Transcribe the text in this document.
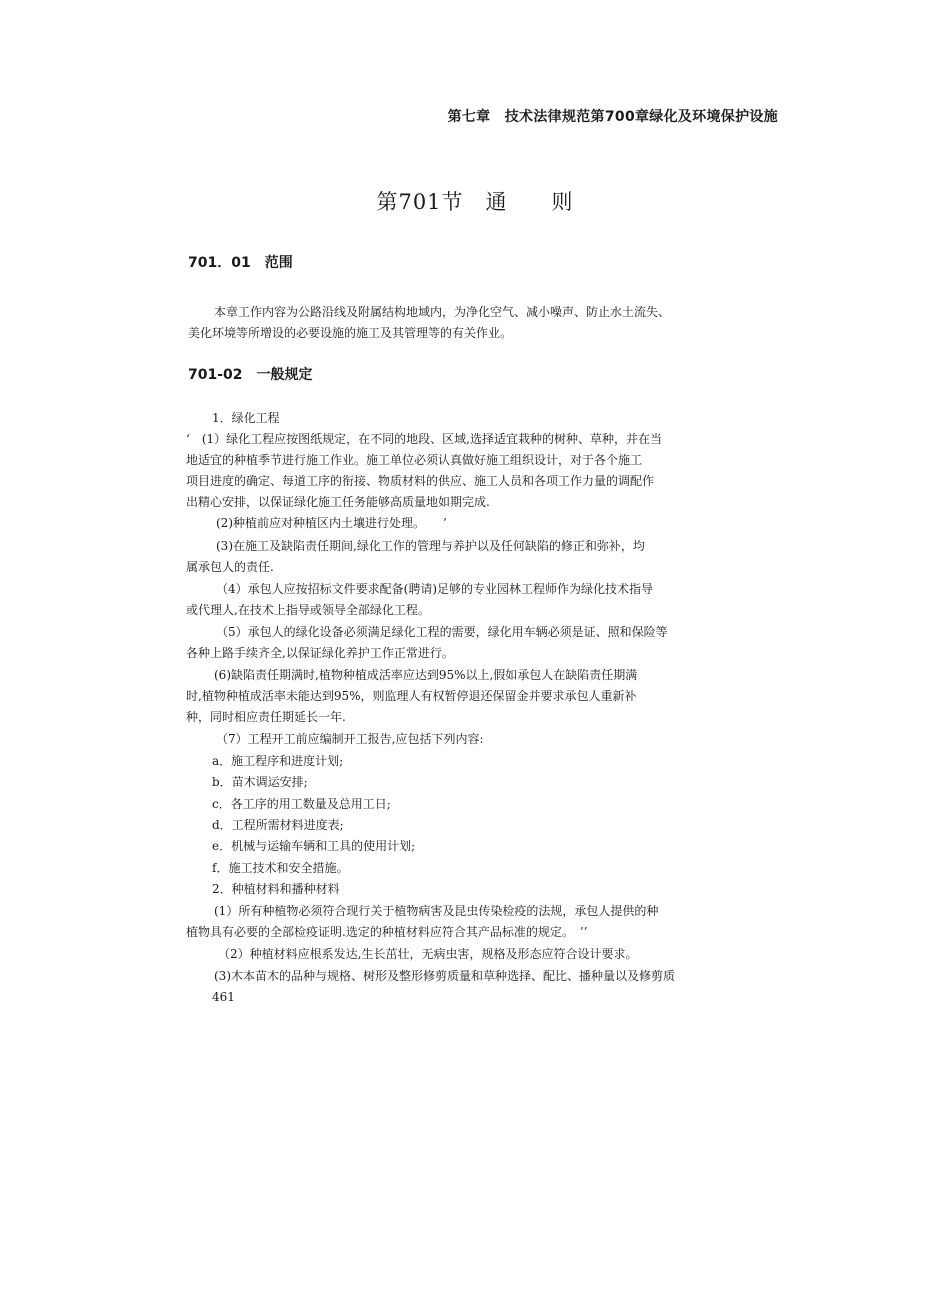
第七章　技术法律规范第700章绿化及环境保护设施
第701节　通　　则
701．01　范围
本章工作内容为公路沿线及附属结构地域内，为净化空气、减小噪声、防止水土流失、
美化环境等所增设的必要设施的施工及其管理等的有关作业。
701-02　一般规定
1．绿化工程
‘　(1）绿化工程应按图纸规定，在不同的地段、区域,选择适宜栽种的树种、草种，并在当
地适宜的种植季节进行施工作业。施工单位必须认真做好施工组织设计，对于各个施工
项目进度的确定、每道工序的衔接、物质材料的供应、施工人员和各项工作力量的调配作
出精心安排，以保证绿化施工任务能够高质量地如期完成.
(2)种植前应对种植区内土壤进行处理。　　’
(3)在施工及缺陷责任期间,绿化工作的管理与养护以及任何缺陷的修正和弥补，均
属承包人的责任.
（4）承包人应按招标文件要求配备(聘请)足够的专业园林工程师作为绿化技术指导
或代理人,在技术上指导或领导全部绿化工程。
（5）承包人的绿化设备必须满足绿化工程的需要，绿化用车辆必须是证、照和保险等
各种上路手续齐全,以保证绿化养护工作正常进行。
(6)缺陷责任期满时,植物种植成活率应达到95%以上,假如承包人在缺陷责任期满
时,植物种植成活率未能达到95%，则监理人有权暂停退还保留金并要求承包人重新补
种，同时相应责任期延长一年.
（7）工程开工前应编制开工报告,应包括下列内容:
a．施工程序和进度计划;
b．苗木调运安排;
c．各工序的用工数量及总用工日;
d．工程所需材料进度表;
e．机械与运输车辆和工具的使用计划;
f．施工技术和安全措施。
2．种植材料和播种材料
(1）所有种植物必须符合现行关于植物病害及昆虫传染检疫的法规，承包人提供的种
植物具有必要的全部检疫证明.选定的种植材料应符合其产品标准的规定。　’’
（2）种植材料应根系发达,生长茁壮，无病虫害，规格及形态应符合设计要求。
(3)木本苗木的品种与规格、树形及整形修剪质量和草种选择、配比、播种量以及修剪质
461
